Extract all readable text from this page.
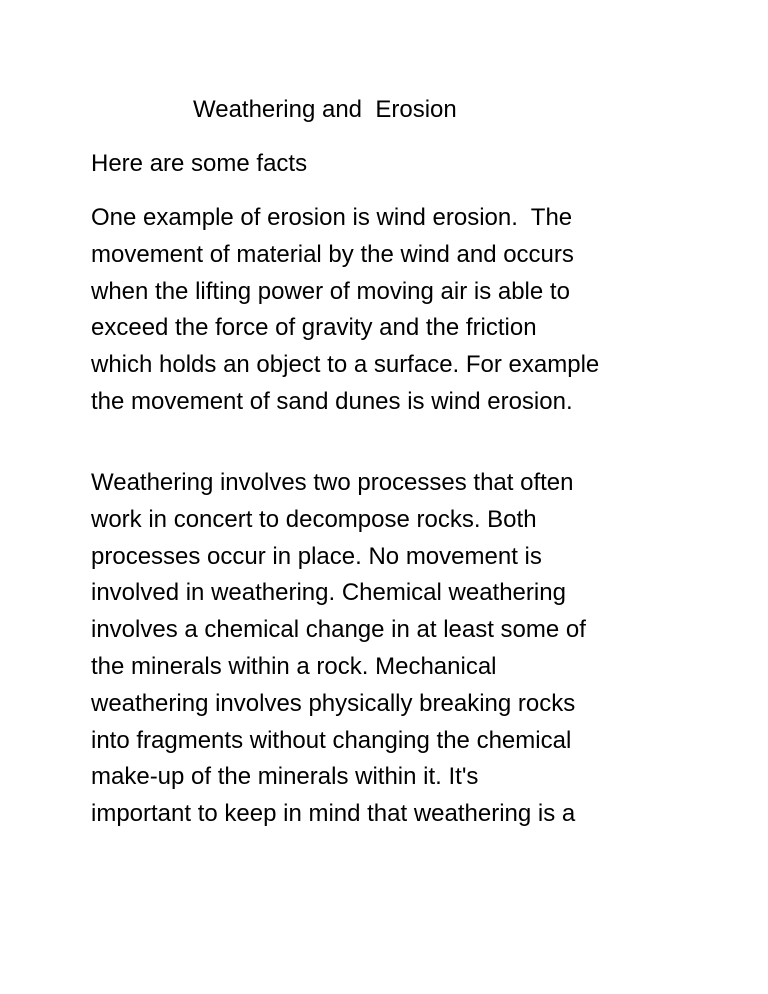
Weathering and  Erosion

Here are some facts

One example of erosion is wind erosion.  The
movement of material by the wind and occurs
when the lifting power of moving air is able to
exceed the force of gravity and the friction
which holds an object to a surface. For example
the movement of sand dunes is wind erosion.

Weathering involves two processes that often
work in concert to decompose rocks. Both
processes occur in place. No movement is
involved in weathering. Chemical weathering
involves a chemical change in at least some of
the minerals within a rock. Mechanical
weathering involves physically breaking rocks
into fragments without changing the chemical
make-up of the minerals within it. It's
important to keep in mind that weathering is a
